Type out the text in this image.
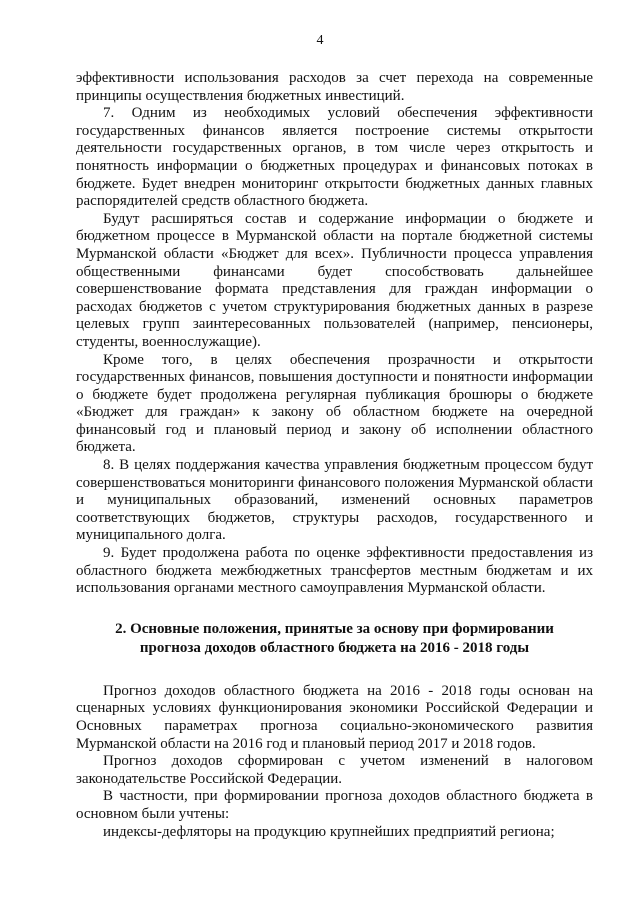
4

эффективности использования расходов за счет перехода на современные принципы осуществления бюджетных инвестиций.

7. Одним из необходимых условий обеспечения эффективности государственных финансов является построение системы открытости деятельности государственных органов, в том числе через открытость и понятность информации о бюджетных процедурах и финансовых потоках в бюджете. Будет внедрен мониторинг открытости бюджетных данных главных распорядителей средств областного бюджета.

Будут расширяться состав и содержание информации о бюджете и бюджетном процессе в Мурманской области на портале бюджетной системы Мурманской области «Бюджет для всех». Публичности процесса управления общественными финансами будет способствовать дальнейшее совершенствование формата представления для граждан информации о расходах бюджетов с учетом структурирования бюджетных данных в разрезе целевых групп заинтересованных пользователей (например, пенсионеры, студенты, военнослужащие).

Кроме того, в целях обеспечения прозрачности и открытости государственных финансов, повышения доступности и понятности информации о бюджете будет продолжена регулярная публикация брошюры о бюджете «Бюджет для граждан» к закону об областном бюджете на очередной финансовый год и плановый период и закону об исполнении областного бюджета.

8. В целях поддержания качества управления бюджетным процессом будут совершенствоваться мониторинги финансового положения Мурманской области и муниципальных образований, изменений основных параметров соответствующих бюджетов, структуры расходов, государственного и муниципального долга.

9. Будет продолжена работа по оценке эффективности предоставления из областного бюджета межбюджетных трансфертов местным бюджетам и их использования органами местного самоуправления Мурманской области.

2. Основные положения, принятые за основу при формировании
прогноза доходов областного бюджета на 2016 - 2018 годы

Прогноз доходов областного бюджета на 2016 - 2018 годы основан на сценарных условиях функционирования экономики Российской Федерации и Основных параметрах прогноза социально-экономического развития Мурманской области на 2016 год и плановый период 2017 и 2018 годов.

Прогноз доходов сформирован с учетом изменений в налоговом законодательстве Российской Федерации.

В частности, при формировании прогноза доходов областного бюджета в основном были учтены:

индексы-дефляторы на продукцию крупнейших предприятий региона;
